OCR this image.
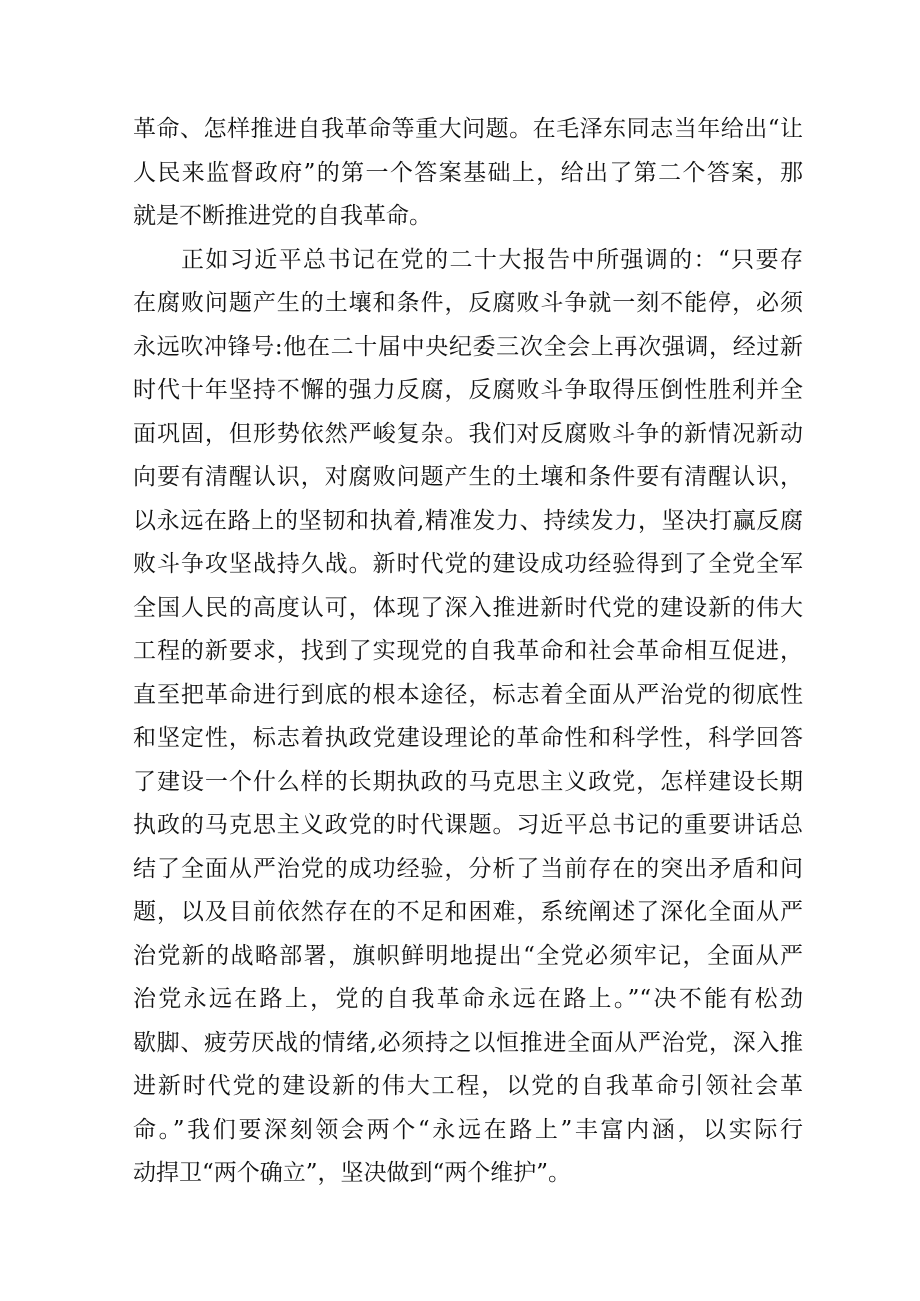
革命、怎样推进自我革命等重大问题。在毛泽东同志当年给出“让
人民来监督政府”的第一个答案基础上，给出了第二个答案，那
就是不断推进党的自我革命。
正如习近平总书记在党的二十大报告中所强调的：“只要存
在腐败问题产生的土壤和条件，反腐败斗争就一刻不能停，必须
永远吹冲锋号:他在二十届中央纪委三次全会上再次强调，经过新
时代十年坚持不懈的强力反腐，反腐败斗争取得压倒性胜利并全
面巩固，但形势依然严峻复杂。我们对反腐败斗争的新情况新动
向要有清醒认识，对腐败问题产生的土壤和条件要有清醒认识，
以永远在路上的坚韧和执着,精准发力、持续发力，坚决打赢反腐
败斗争攻坚战持久战。新时代党的建设成功经验得到了全党全军
全国人民的高度认可，体现了深入推进新时代党的建设新的伟大
工程的新要求，找到了实现党的自我革命和社会革命相互促进，
直至把革命进行到底的根本途径，标志着全面从严治党的彻底性
和坚定性，标志着执政党建设理论的革命性和科学性，科学回答
了建设一个什么样的长期执政的马克思主义政党，怎样建设长期
执政的马克思主义政党的时代课题。习近平总书记的重要讲话总
结了全面从严治党的成功经验，分析了当前存在的突出矛盾和问
题，以及目前依然存在的不足和困难，系统阐述了深化全面从严
治党新的战略部署，旗帜鲜明地提出“全党必须牢记，全面从严
治党永远在路上，党的自我革命永远在路上。”“决不能有松劲
歇脚、疲劳厌战的情绪,必须持之以恒推进全面从严治党，深入推
进新时代党的建设新的伟大工程，以党的自我革命引领社会革
命。”我们要深刻领会两个“永远在路上”丰富内涵，以实际行
动捍卫“两个确立”，坚决做到“两个维护”。
